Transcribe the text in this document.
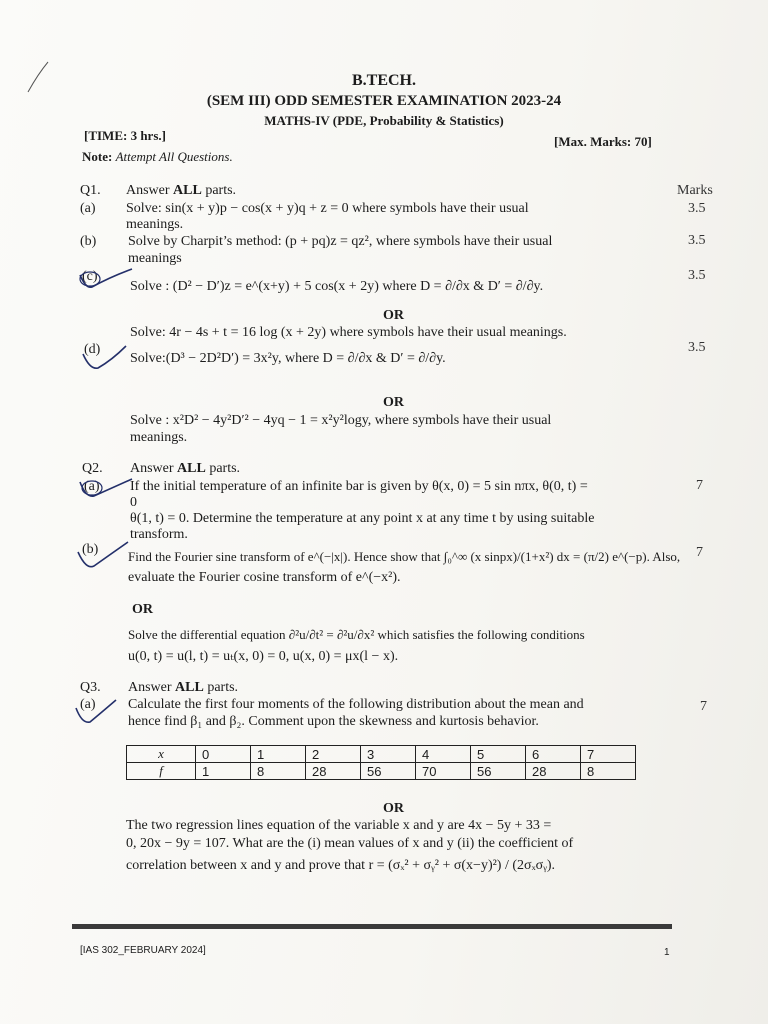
B.TECH.
(SEM III) ODD SEMESTER EXAMINATION 2023-24
MATHS-IV (PDE, Probability & Statistics)
[TIME: 3 hrs.]	[Max. Marks: 70]
Note: Attempt All Questions.
Q1. Answer ALL parts.	Marks
(a) Solve: sin(x + y)p − cos(x + y)q + z = 0 where symbols have their usual
meanings.
3.5
(b) Solve by Charpit’s method: (p + pq)z = qz², where symbols have their usual
meanings
3.5
(c)
Solve : (D² − D′)z = e^(x+y) + 5 cos(x + 2y) where D = ∂/∂x & D′ = ∂/∂y.
3.5
OR
Solve: 4r − 4s + t = 16 log (x + 2y) where symbols have their usual meanings.
(d)
Solve:(D³ − 2D²D′) = 3x²y, where D = ∂/∂x & D′ = ∂/∂y.
3.5
OR
Solve : x²D² − 4y²D′² − 4yq − 1 = x²y²logy, where symbols have their usual
meanings.
Q2. Answer ALL parts.
(a) If the initial temperature of an infinite bar is given by θ(x, 0) = 5 sin nπx, θ(0, t) =
0
θ(1, t) = 0. Determine the temperature at any point x at any time t by using suitable
transform.
7
(b) Find the Fourier sine transform of e^(−|x|). Hence show that ∫₀^∞ (x sinpx)/(1+x²) dx = (π/2) e^(−p). Also,
evaluate the Fourier cosine transform of e^(−x²).
7
OR
Solve the differential equation ∂²u/∂t² = ∂²u/∂x² which satisfies the following conditions
u(0, t) = u(l, t) = uₜ(x, 0) = 0, u(x, 0) = μx(l − x).
Q3. Answer ALL parts.
(a) Calculate the first four moments of the following distribution about the mean and
hence find β₁ and β₂. Comment upon the skewness and kurtosis behavior.
7
x	0	1	2	3	4	5	6	7
f	1	8	28	56	70	56	28	8
OR
The two regression lines equation of the variable x and y are 4x − 5y + 33 =
0, 20x − 9y = 107. What are the (i) mean values of x and y (ii) the coefficient of
correlation between x and y and prove that r = (σₓ² + σᵧ² + σ(x−y)²) / (2σₓσᵧ).
[IAS 302_FEBRUARY 2024]	1
